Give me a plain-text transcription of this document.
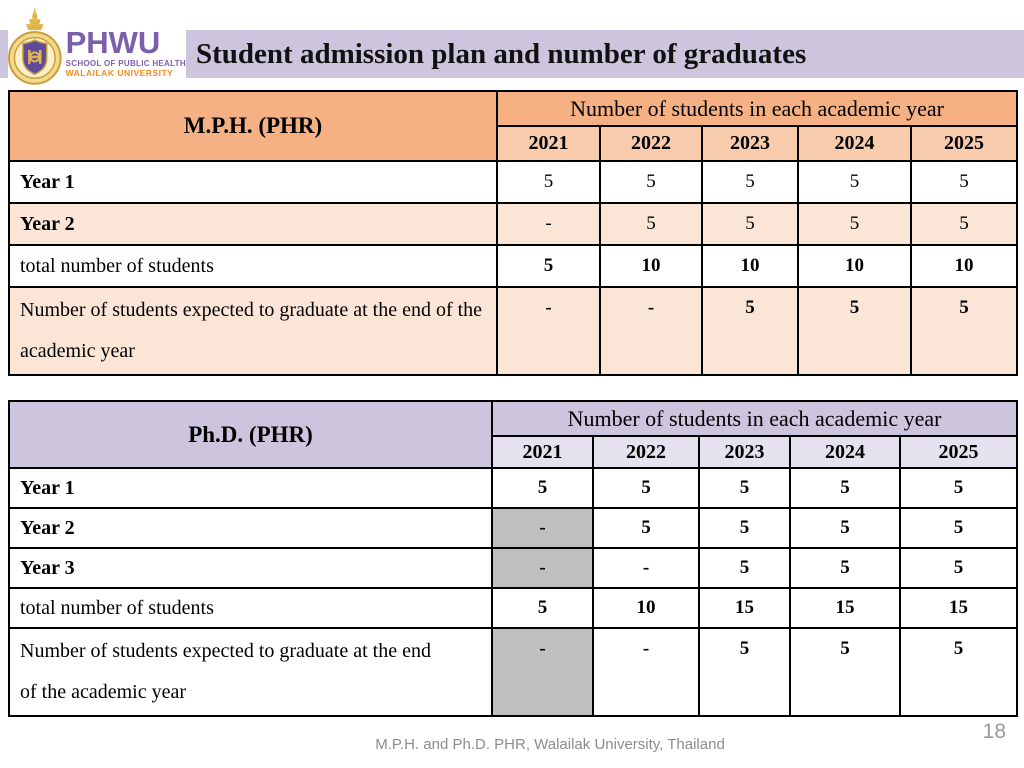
Student admission plan and number of graduates
PHWU
SCHOOL OF PUBLIC HEALTH
WALAILAK UNIVERSITY
M.P.H. (PHR)	Number of students in each academic year				
	2021	2022	2023	2024	2025
Year 1	5	5	5	5	5
Year 2	-	5	5	5	5
total number of students	5	10	10	10	10
Number of students expected to graduate at the end of the academic year	-	-	5	5	5
Ph.D. (PHR)	Number of students in each academic year				
	2021	2022	2023	2024	2025
Year 1	5	5	5	5	5
Year 2	-	5	5	5	5
Year 3	-	-	5	5	5
total number of students	5	10	15	15	15
Number of students expected to graduate at the end of the academic year	-	-	5	5	5
M.P.H. and Ph.D. PHR, Walailak University, Thailand
18
